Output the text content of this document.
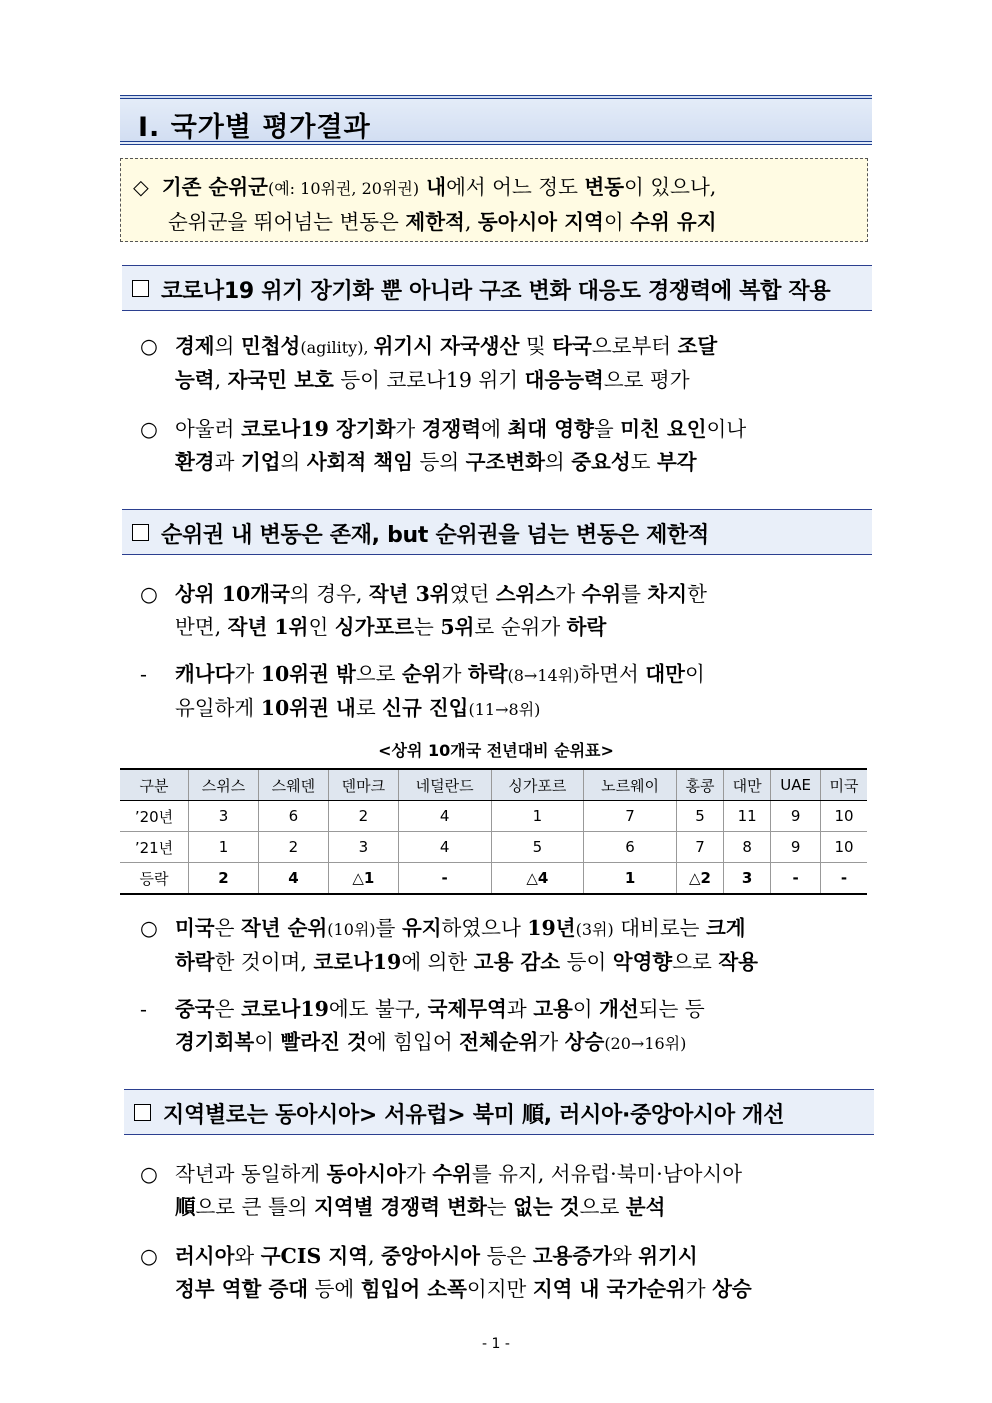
Ⅰ. 국가별 평가결과
◇ 기존 순위군(예: 10위권, 20위권) 내에서 어느 정도 변동이 있으나,
순위군을 뛰어넘는 변동은 제한적, 동아시아 지역이 수위 유지
코로나19 위기 장기화 뿐 아니라 구조 변화 대응도 경쟁력에 복합 작용
○ 경제의 민첩성(agility), 위기시 자국생산 및 타국으로부터 조달
능력, 자국민 보호 등이 코로나19 위기 대응능력으로 평가
○ 아울러 코로나19 장기화가 경쟁력에 최대 영향을 미친 요인이나
환경과 기업의 사회적 책임 등의 구조변화의 중요성도 부각
순위권 내 변동은 존재, but 순위권을 넘는 변동은 제한적
○ 상위 10개국의 경우, 작년 3위였던 스위스가 수위를 차지한
반면, 작년 1위인 싱가포르는 5위로 순위가 하락
- 캐나다가 10위권 밖으로 순위가 하락(8→14위)하면서 대만이
유일하게 10위권 내로 신규 진입(11→8위)
<상위 10개국 전년대비 순위표>
구분	스위스	스웨덴	덴마크	네덜란드	싱가포르	노르웨이	홍콩	대만	UAE	미국
’20년	3	6	2	4	1	7	5	11	9	10
’21년	1	2	3	4	5	6	7	8	9	10
등락	2	4	△1	-	△4	1	△2	3	-	-
○ 미국은 작년 순위(10위)를 유지하였으나 19년(3위) 대비로는 크게
하락한 것이며, 코로나19에 의한 고용 감소 등이 악영향으로 작용
- 중국은 코로나19에도 불구, 국제무역과 고용이 개선되는 등
경기회복이 빨라진 것에 힘입어 전체순위가 상승(20→16위)
지역별로는 동아시아> 서유럽> 북미 順, 러시아·중앙아시아 개선
○ 작년과 동일하게 동아시아가 수위를 유지, 서유럽·북미·남아시아
順으로 큰 틀의 지역별 경쟁력 변화는 없는 것으로 분석
○ 러시아와 구CIS 지역, 중앙아시아 등은 고용증가와 위기시
정부 역할 증대 등에 힘입어 소폭이지만 지역 내 국가순위가 상승
- 1 -
